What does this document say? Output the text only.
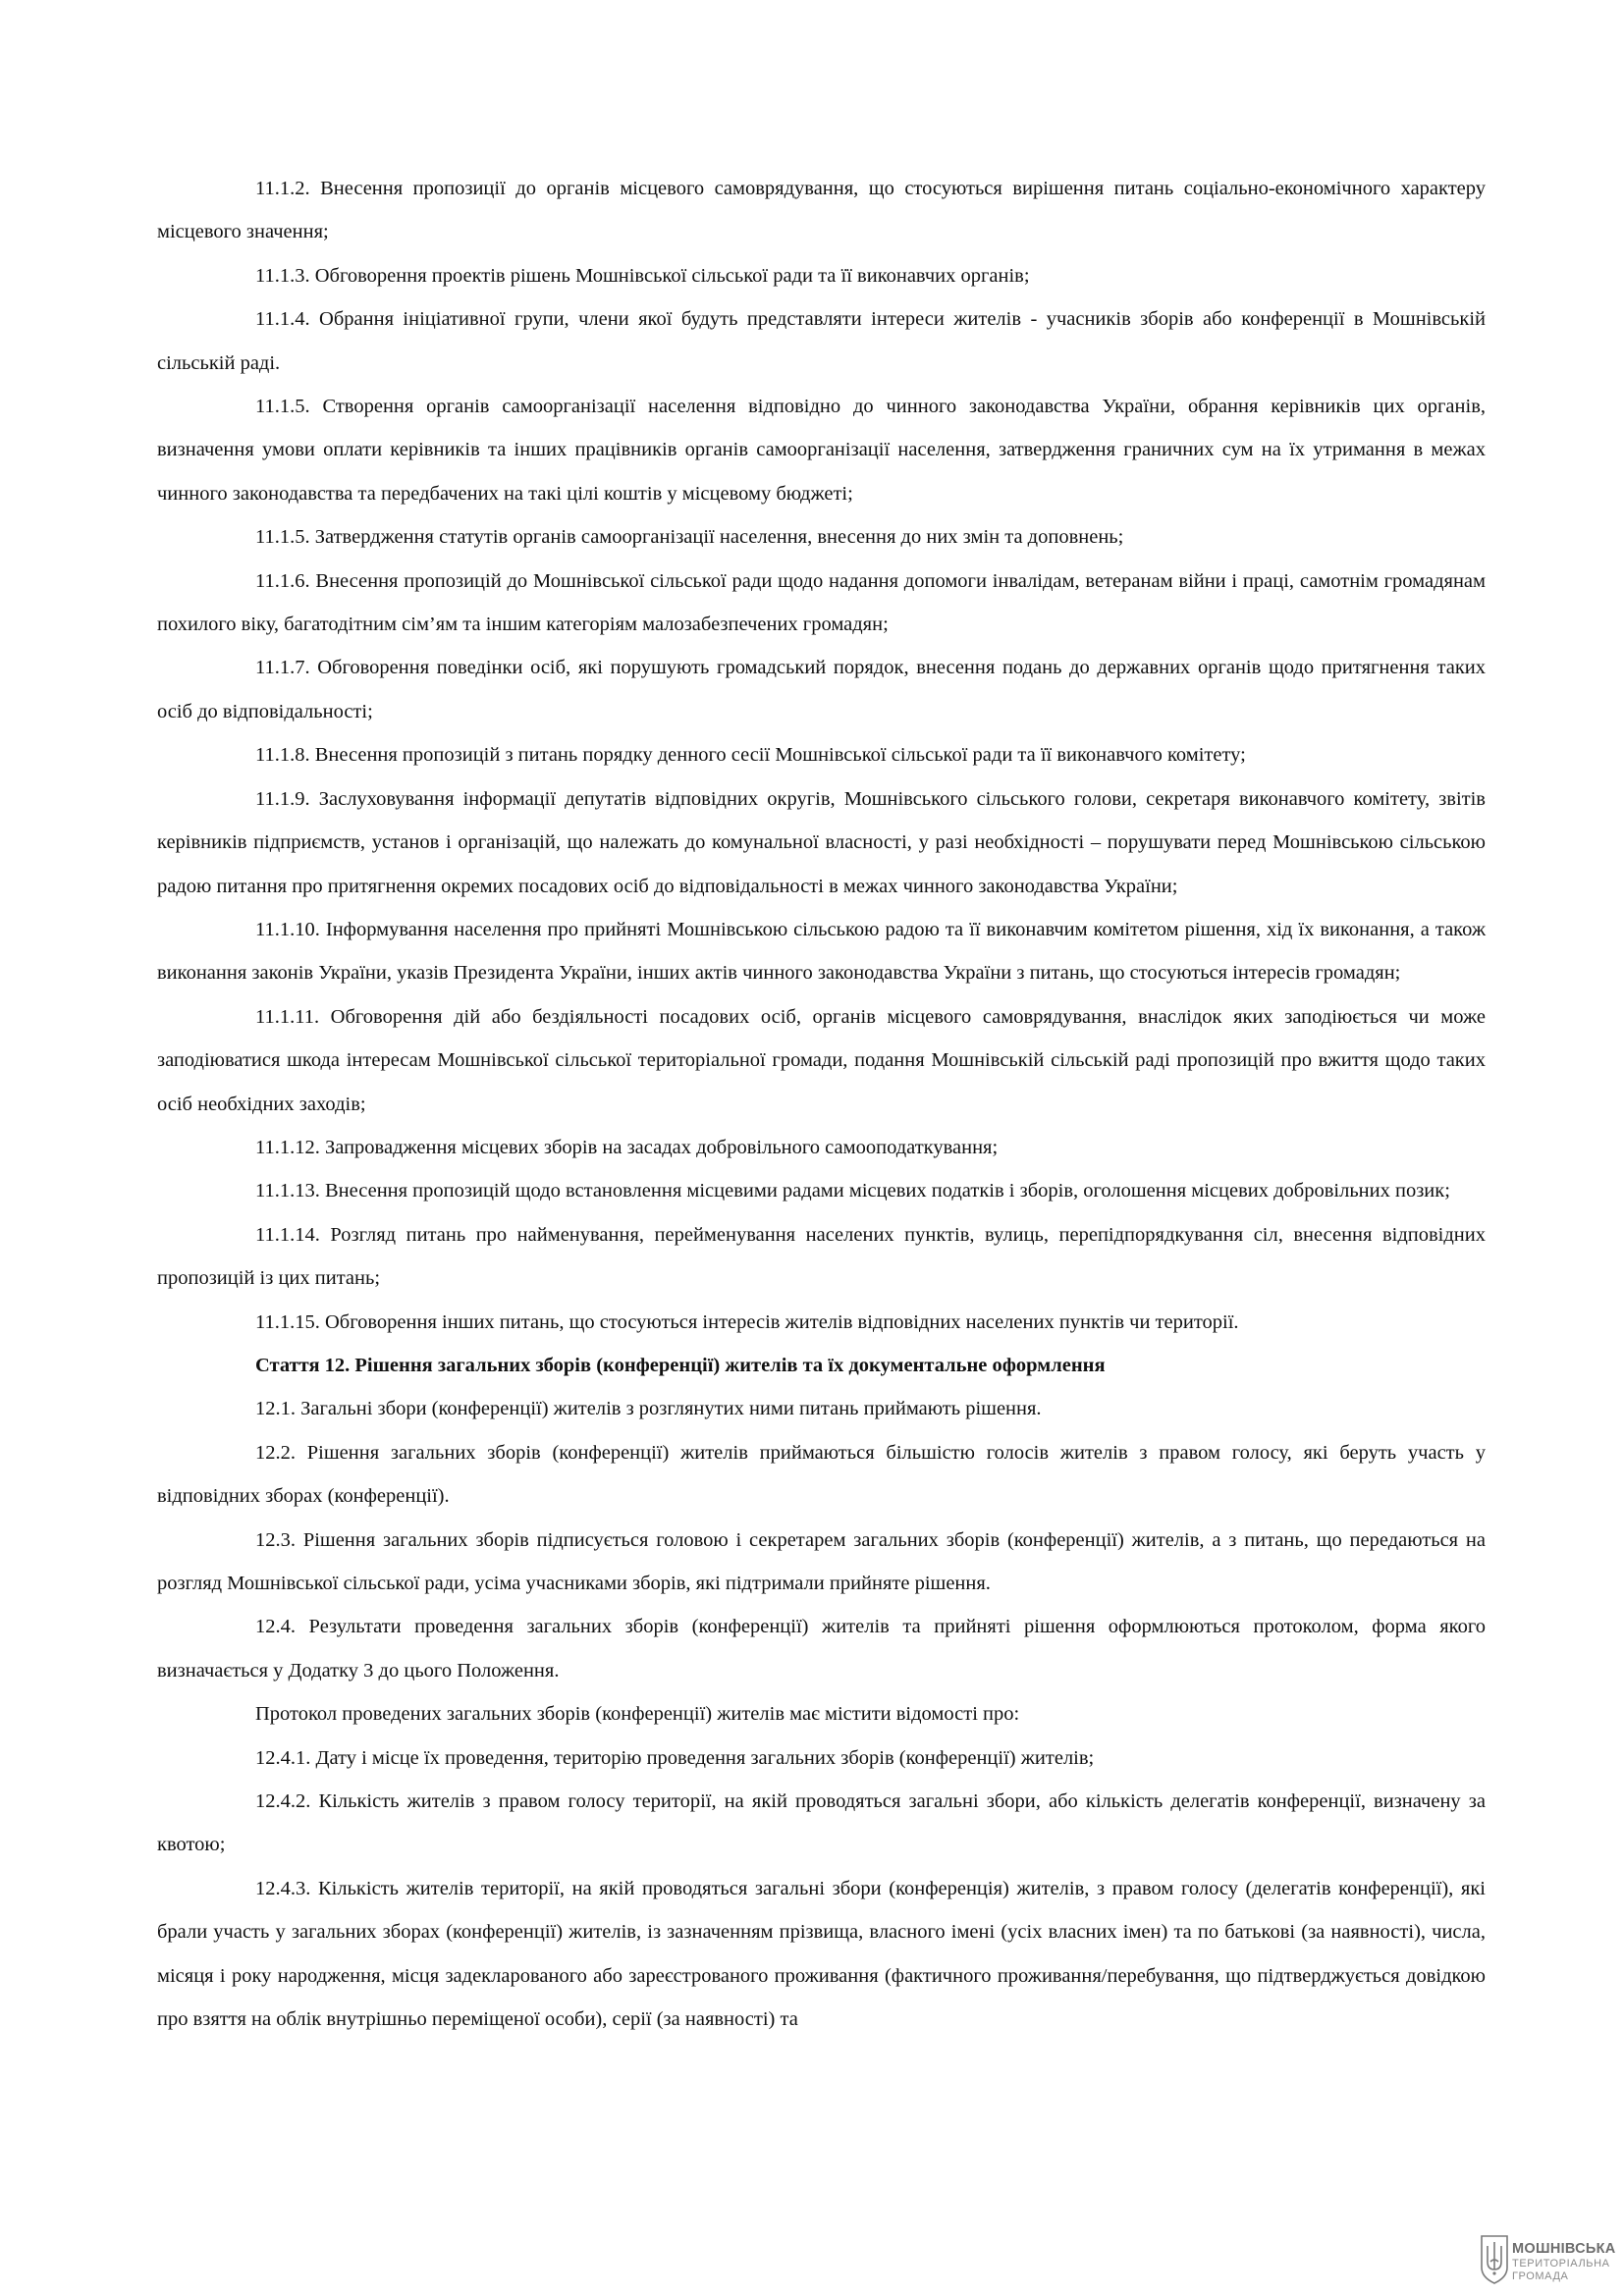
11.1.2. Внесення пропозиції до органів місцевого самоврядування, що стосуються вирішення питань соціально-економічного характеру місцевого значення;

11.1.3. Обговорення проектів рішень Мошнівської сільської ради та її виконавчих органів;

11.1.4. Обрання ініціативної групи, члени якої будуть представляти інтереси жителів - учасників зборів або конференції в Мошнівській сільській раді.

11.1.5. Створення органів самоорганізації населення відповідно до чинного законодавства України, обрання керівників цих органів, визначення умови оплати керівників та інших працівників органів самоорганізації населення, затвердження граничних сум на їх утримання в межах чинного законодавства та передбачених на такі цілі коштів у місцевому бюджеті;

11.1.5. Затвердження статутів органів самоорганізації населення, внесення до них змін та доповнень;

11.1.6. Внесення пропозицій до Мошнівської сільської ради щодо надання допомоги інвалідам, ветеранам війни і праці, самотнім громадянам похилого віку, багатодітним сім’ям та іншим категоріям малозабезпечених громадян;

11.1.7. Обговорення поведінки осіб, які порушують громадський порядок, внесення подань до державних органів щодо притягнення таких осіб до відповідальності;

11.1.8. Внесення пропозицій з питань порядку денного сесії Мошнівської сільської ради та її виконавчого комітету;

11.1.9. Заслуховування інформації депутатів відповідних округів, Мошнівського сільського голови, секретаря виконавчого комітету, звітів керівників підприємств, установ і організацій, що належать до комунальної власності, у разі необхідності – порушувати перед Мошнівською сільською радою питання про притягнення окремих посадових осіб до відповідальності в межах чинного законодавства України;

11.1.10. Інформування населення про прийняті Мошнівською сільською радою та її виконавчим комітетом рішення, хід їх виконання, а також виконання законів України, указів Президента України, інших актів чинного законодавства України з питань, що стосуються інтересів громадян;

11.1.11. Обговорення дій або бездіяльності посадових осіб, органів місцевого самоврядування, внаслідок яких заподіюється чи може заподіюватися шкода інтересам Мошнівської сільської територіальної громади, подання Мошнівській сільській раді пропозицій про вжиття щодо таких осіб необхідних заходів;

11.1.12. Запровадження місцевих зборів на засадах добровільного самооподаткування;

11.1.13. Внесення пропозицій щодо встановлення місцевими радами місцевих податків і зборів, оголошення місцевих добровільних позик;

11.1.14. Розгляд питань про найменування, перейменування населених пунктів, вулиць, перепідпорядкування сіл, внесення відповідних пропозицій із цих питань;

11.1.15. Обговорення інших питань, що стосуються інтересів жителів відповідних населених пунктів чи території.

Стаття 12. Рішення загальних зборів (конференції) жителів та їх документальне оформлення

12.1. Загальні збори (конференції) жителів з розглянутих ними питань приймають рішення.

12.2. Рішення загальних зборів (конференції) жителів приймаються більшістю голосів жителів з правом голосу, які беруть участь у відповідних зборах (конференції).

12.3. Рішення загальних зборів підписується головою і секретарем загальних зборів (конференції) жителів, а з питань, що передаються на розгляд Мошнівської сільської ради, усіма учасниками зборів, які підтримали прийняте рішення.

12.4. Результати проведення загальних зборів (конференції) жителів та прийняті рішення оформлюються протоколом, форма якого визначається у Додатку 3 до цього Положення.

Протокол проведених загальних зборів (конференції) жителів має містити відомості про:

12.4.1. Дату і місце їх проведення, територію проведення загальних зборів (конференції) жителів;

12.4.2. Кількість жителів з правом голосу території, на якій проводяться загальні збори, або кількість делегатів конференції, визначену за квотою;

12.4.3. Кількість жителів території, на якій проводяться загальні збори (конференція) жителів, з правом голосу (делегатів конференції), які брали участь у загальних зборах (конференції) жителів, із зазначенням прізвища, власного імені (усіх власних імен) та по батькові (за наявності), числа, місяця і року народження, місця задекларованого або зареєстрованого проживання (фактичного проживання/перебування, що підтверджується довідкою про взяття на облік внутрішньо переміщеної особи), серії (за наявності) та

МОШНІВСЬКА
ТЕРИТОРІАЛЬНА
ГРОМАДА
